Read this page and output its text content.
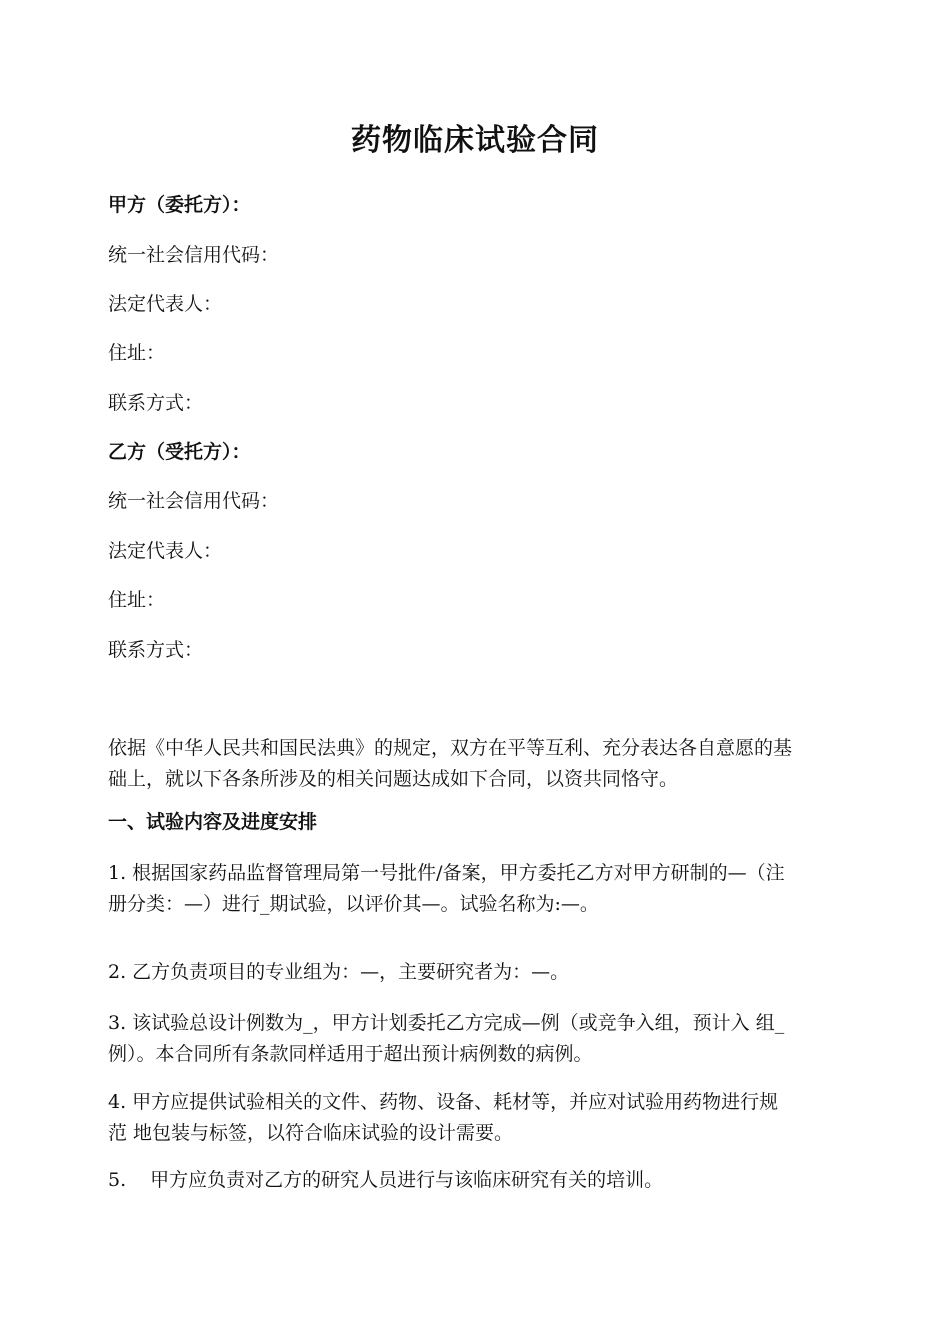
药物临床试验合同
甲方（委托方）：
统一社会信用代码：
法定代表人：
住址：
联系方式：
乙方（受托方）：
统一社会信用代码：
法定代表人：
住址：
联系方式：
依据《中华人民共和国民法典》的规定，双方在平等互利、充分表达各自意愿的基
础上，就以下各条所涉及的相关问题达成如下合同，以资共同恪守。
一、试验内容及进度安排
1. 根据国家药品监督管理局第一号批件/备案，甲方委托乙方对甲方研制的—（注
册分类：—）进行_期试验，以评价其—。试验名称为:—。
2. 乙方负责项目的专业组为：—，主要研究者为：—。
3. 该试验总设计例数为_，甲方计划委托乙方完成—例（或竞争入组，预计入 组_
例）。本合同所有条款同样适用于超出预计病例数的病例。
4. 甲方应提供试验相关的文件、药物、设备、耗材等，并应对试验用药物进行规
范 地包装与标签，以符合临床试验的设计需要。
5. 甲方应负责对乙方的研究人员进行与该临床研究有关的培训。
